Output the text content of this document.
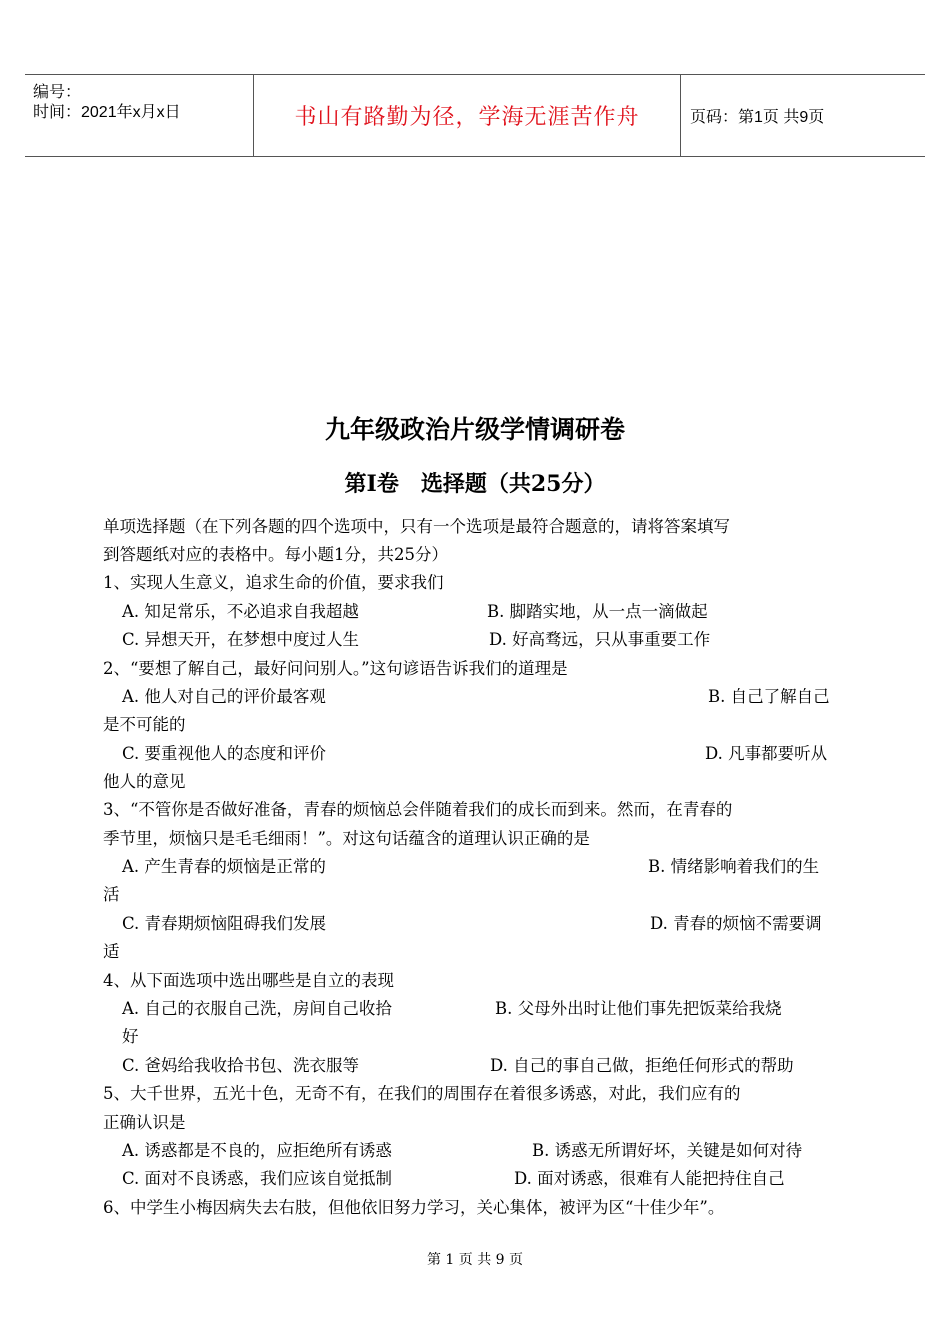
编号：
时间：2021年x月x日	书山有路勤为径，学海无涯苦作舟	页码：第1页 共9页
九年级政治片级学情调研卷
第Ⅰ卷　选择题（共25分）
单项选择题（在下列各题的四个选项中，只有一个选项是最符合题意的，请将答案填写
到答题纸对应的表格中。每小题1分，共25分）
1、实现人生意义，追求生命的价值，要求我们
A. 知足常乐，不必追求自我超越	B. 脚踏实地，从一点一滴做起
C. 异想天开，在梦想中度过人生	D. 好高骛远，只从事重要工作
2、“要想了解自己，最好问问别人。”这句谚语告诉我们的道理是
A. 他人对自己的评价最客观	B. 自己了解自己
是不可能的
C. 要重视他人的态度和评价	D. 凡事都要听从
他人的意见
3、“不管你是否做好准备，青春的烦恼总会伴随着我们的成长而到来。然而，在青春的
季节里，烦恼只是毛毛细雨！”。对这句话蕴含的道理认识正确的是
A. 产生青春的烦恼是正常的	B. 情绪影响着我们的生
活
C. 青春期烦恼阻碍我们发展	D. 青春的烦恼不需要调
适
4、从下面选项中选出哪些是自立的表现
A. 自己的衣服自己洗，房间自己收拾	B. 父母外出时让他们事先把饭菜给我烧
好
C. 爸妈给我收拾书包、洗衣服等	D. 自己的事自己做，拒绝任何形式的帮助
5、大千世界，五光十色，无奇不有，在我们的周围存在着很多诱惑，对此，我们应有的
正确认识是
A. 诱惑都是不良的，应拒绝所有诱惑	B. 诱惑无所谓好坏，关键是如何对待
C. 面对不良诱惑，我们应该自觉抵制	D. 面对诱惑，很难有人能把持住自己
6、中学生小梅因病失去右肢，但他依旧努力学习，关心集体，被评为区“十佳少年”。
第 1 页 共 9 页
